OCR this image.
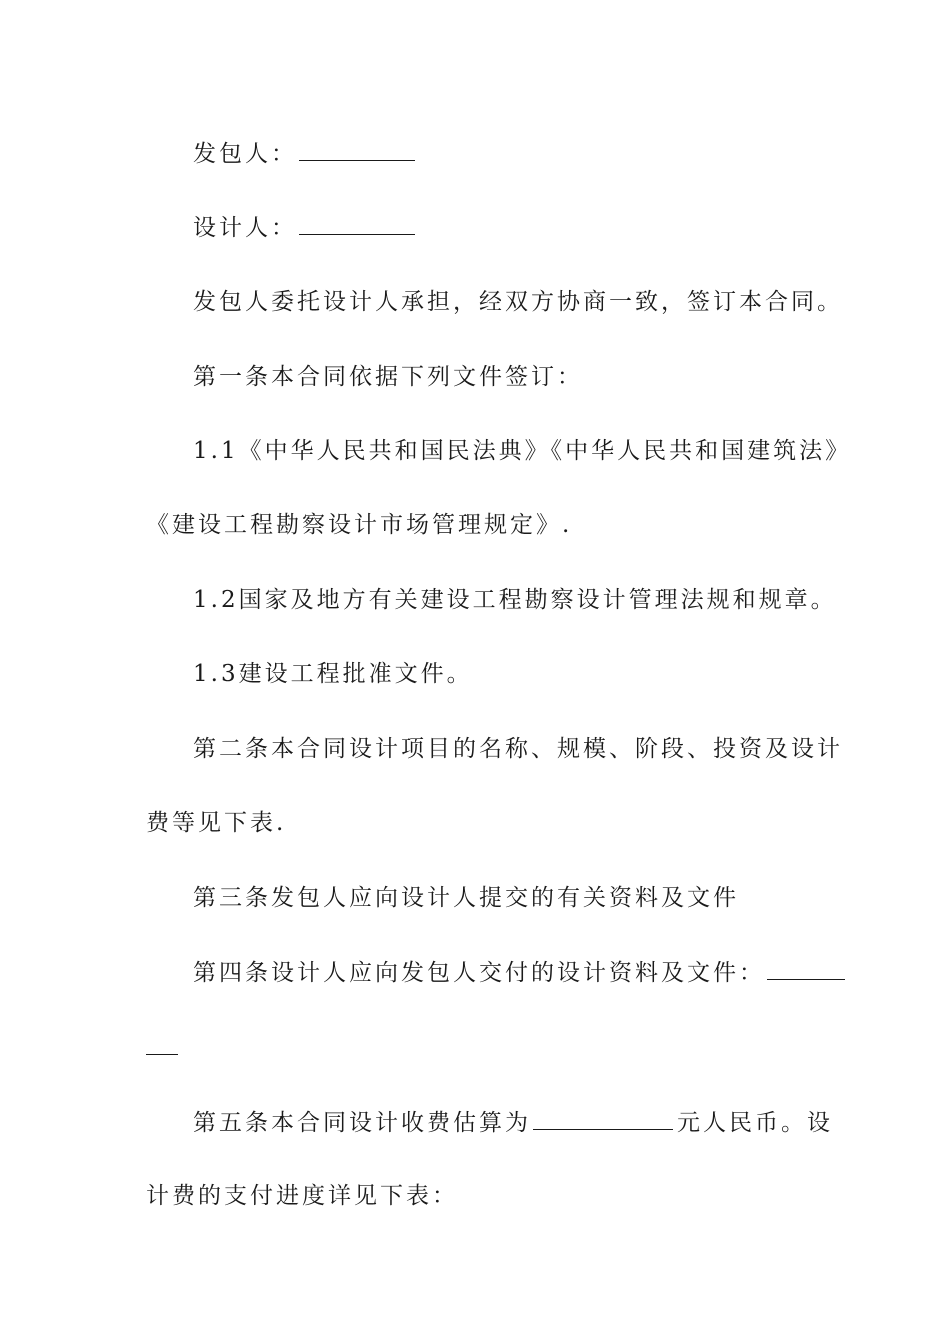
发包人：
设计人：
发包人委托设计人承担，经双方协商一致，签订本合同。
第一条本合同依据下列文件签订：
1.1《中华人民共和国民法典》《中华人民共和国建筑法》
《建设工程勘察设计市场管理规定》.
1.2国家及地方有关建设工程勘察设计管理法规和规章。
1.3建设工程批准文件。
第二条本合同设计项目的名称、规模、阶段、投资及设计
费等见下表.
第三条发包人应向设计人提交的有关资料及文件
第四条设计人应向发包人交付的设计资料及文件：
第五条本合同设计收费估算为	元人民币。设
计费的支付进度详见下表：
